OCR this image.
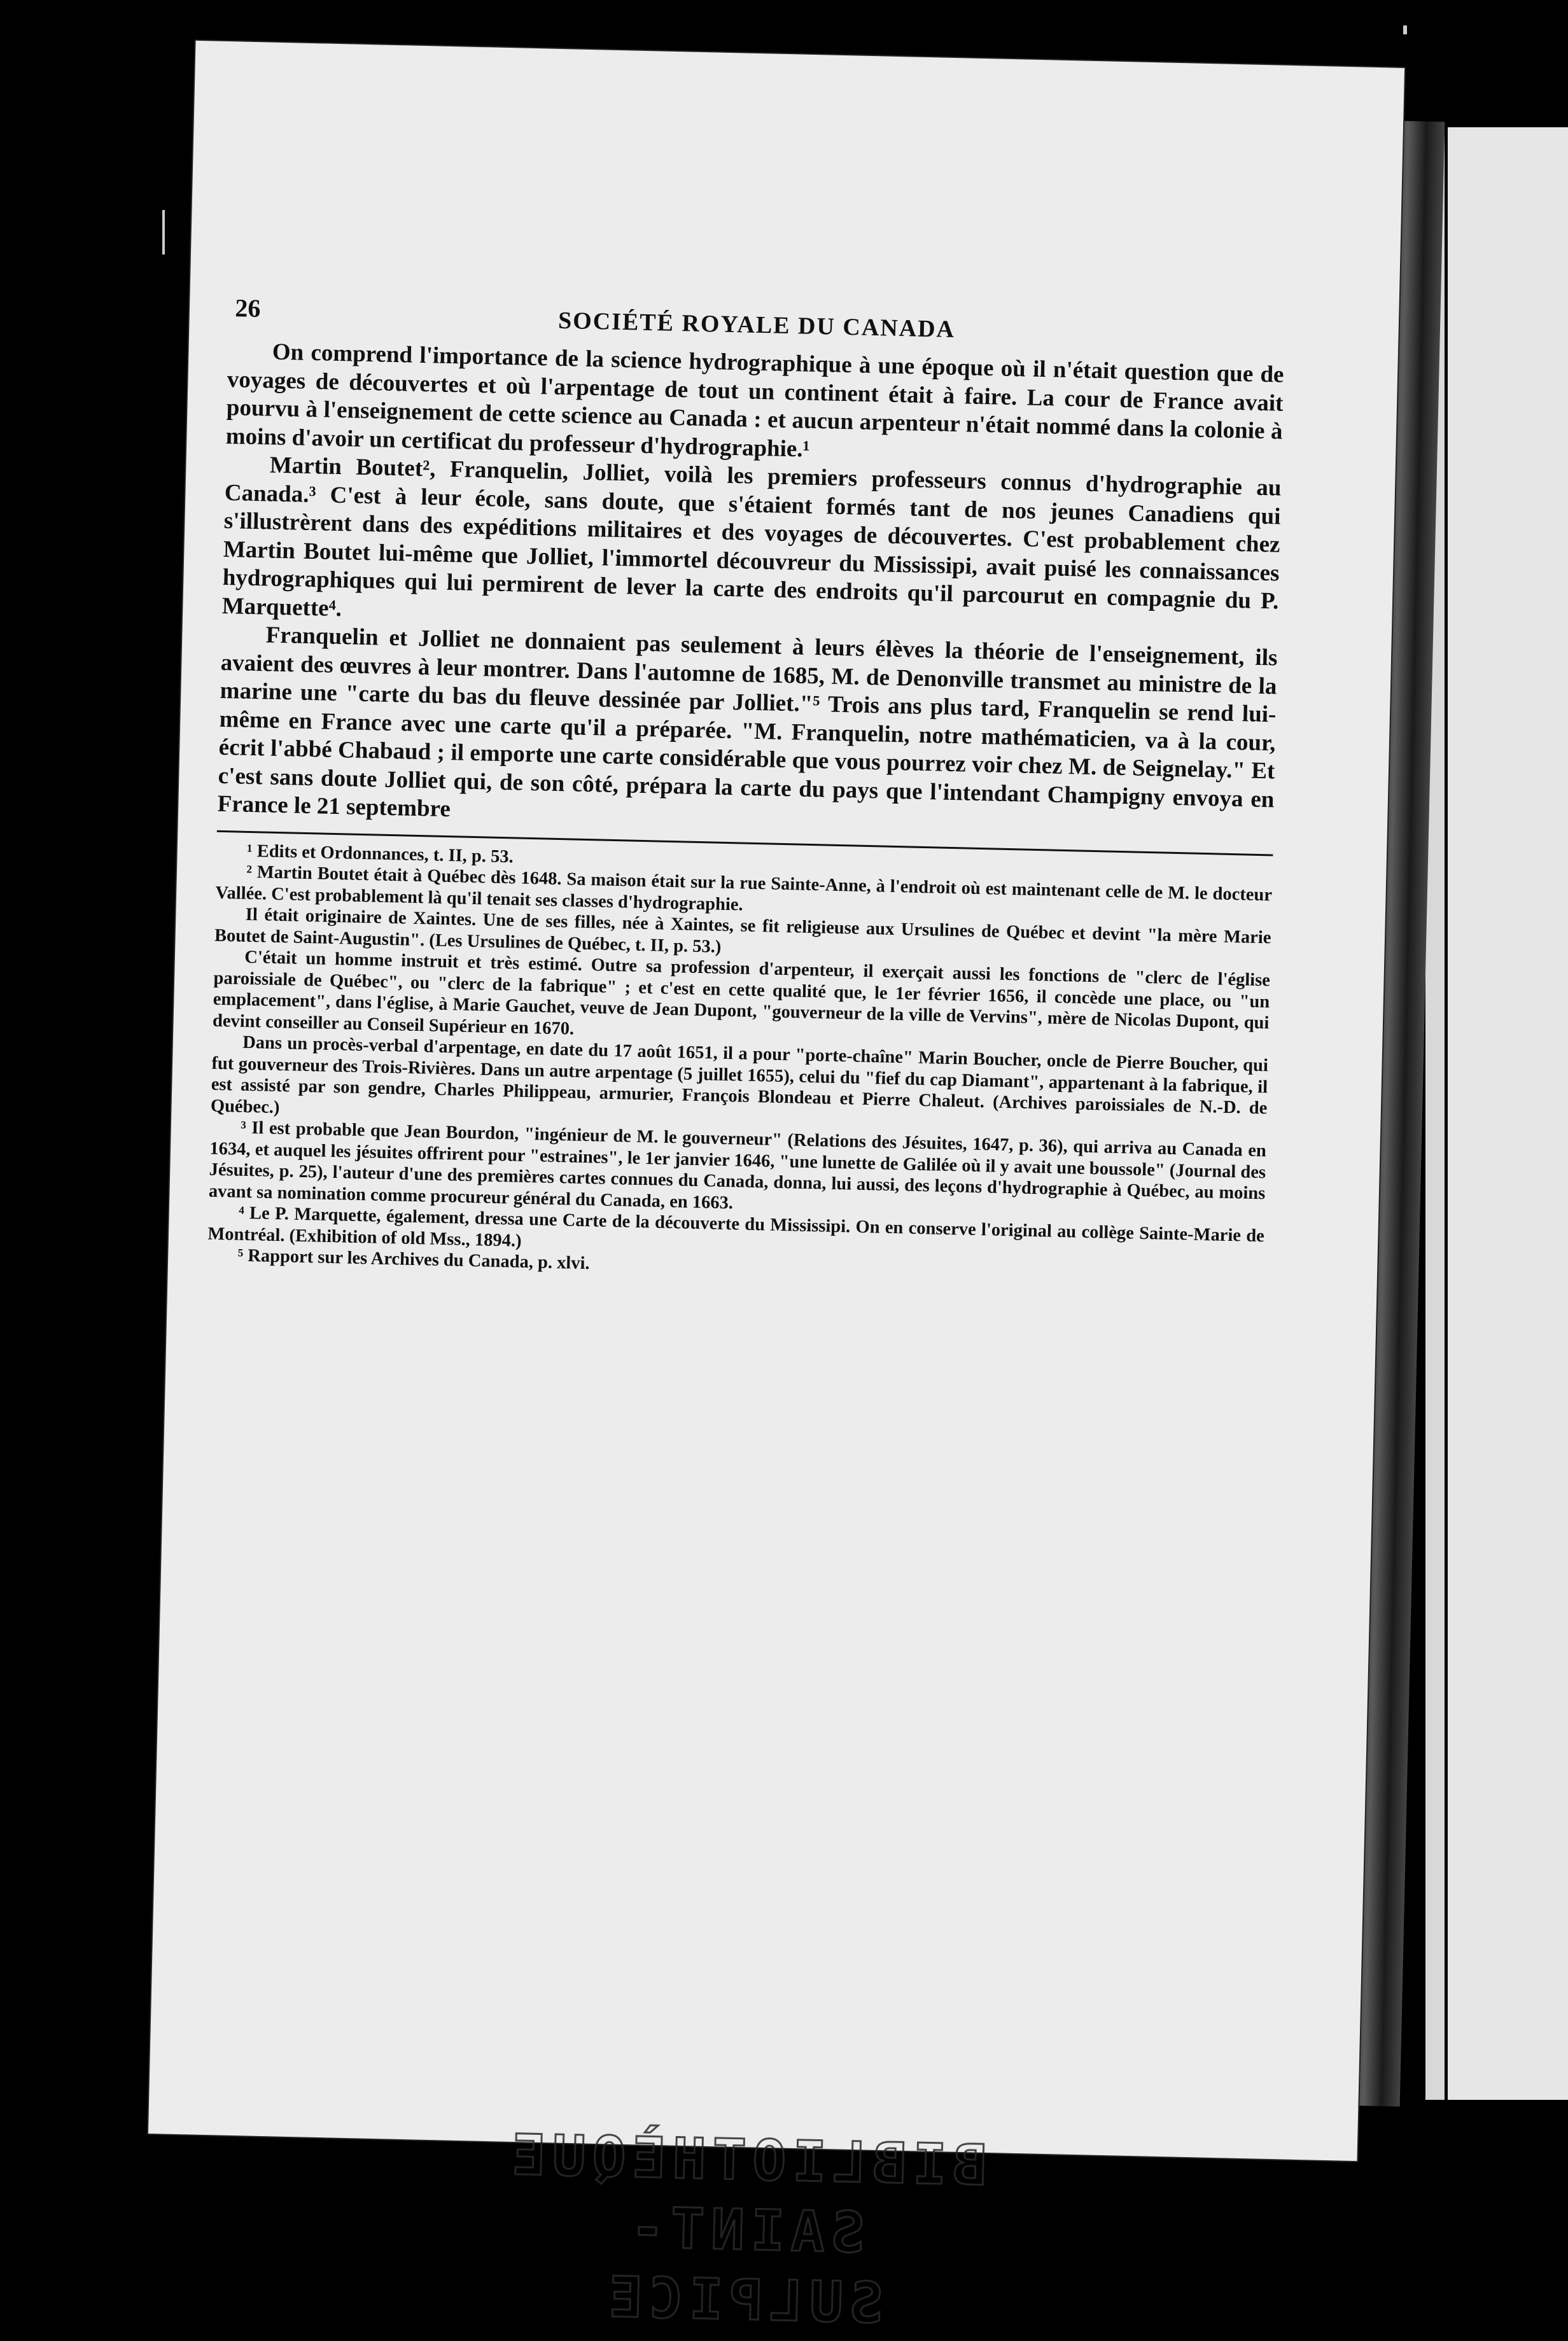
26	SOCIÉTÉ ROYALE DU CANADA

On comprend l'importance de la science hydrographique à une époque où il n'était question que de voyages de découvertes et où l'arpentage de tout un continent était à faire. La cour de France avait pourvu à l'enseignement de cette science au Canada : et aucun arpenteur n'était nommé dans la colonie à moins d'avoir un certificat du professeur d'hydrographie.¹

Martin Boutet², Franquelin, Jolliet, voilà les premiers professeurs connus d'hydrographie au Canada.³ C'est à leur école, sans doute, que s'étaient formés tant de nos jeunes Canadiens qui s'illustrèrent dans des expéditions militaires et des voyages de découvertes. C'est probablement chez Martin Boutet lui-même que Jolliet, l'immortel découvreur du Mississipi, avait puisé les connaissances hydrographiques qui lui permirent de lever la carte des endroits qu'il parcourut en compagnie du P. Marquette⁴.

Franquelin et Jolliet ne donnaient pas seulement à leurs élèves la théorie de l'enseignement, ils avaient des œuvres à leur montrer. Dans l'automne de 1685, M. de Denonville transmet au ministre de la marine une "carte du bas du fleuve dessinée par Jolliet."⁵ Trois ans plus tard, Franquelin se rend lui-même en France avec une carte qu'il a préparée. "M. Franquelin, notre mathématicien, va à la cour, écrit l'abbé Chabaud ; il emporte une carte considérable que vous pourrez voir chez M. de Seignelay." Et c'est sans doute Jolliet qui, de son côté, prépara la carte du pays que l'intendant Champigny envoya en France le 21 septembre

¹ Edits et Ordonnances, t. II, p. 53.

² Martin Boutet était à Québec dès 1648. Sa maison était sur la rue Sainte-Anne, à l'endroit où est maintenant celle de M. le docteur Vallée. C'est probablement là qu'il tenait ses classes d'hydrographie.

Il était originaire de Xaintes. Une de ses filles, née à Xaintes, se fit religieuse aux Ursulines de Québec et devint "la mère Marie Boutet de Saint-Augustin". (Les Ursulines de Québec, t. II, p. 53.)

C'était un homme instruit et très estimé. Outre sa profession d'arpenteur, il exerçait aussi les fonctions de "clerc de l'église paroissiale de Québec", ou "clerc de la fabrique" ; et c'est en cette qualité que, le 1er février 1656, il concède une place, ou "un emplacement", dans l'église, à Marie Gauchet, veuve de Jean Dupont, "gouverneur de la ville de Vervins", mère de Nicolas Dupont, qui devint conseiller au Conseil Supérieur en 1670.

Dans un procès-verbal d'arpentage, en date du 17 août 1651, il a pour "porte-chaîne" Marin Boucher, oncle de Pierre Boucher, qui fut gouverneur des Trois-Rivières. Dans un autre arpentage (5 juillet 1655), celui du "fief du cap Diamant", appartenant à la fabrique, il est assisté par son gendre, Charles Philippeau, armurier, François Blondeau et Pierre Chaleut. (Archives paroissiales de N.-D. de Québec.)

³ Il est probable que Jean Bourdon, "ingénieur de M. le gouverneur" (Relations des Jésuites, 1647, p. 36), qui arriva au Canada en 1634, et auquel les jésuites offrirent pour "estraines", le 1er janvier 1646, "une lunette de Galilée où il y avait une boussole" (Journal des Jésuites, p. 25), l'auteur d'une des premières cartes connues du Canada, donna, lui aussi, des leçons d'hydrographie à Québec, au moins avant sa nomination comme procureur général du Canada, en 1663.

⁴ Le P. Marquette, également, dressa une Carte de la découverte du Mississipi. On en conserve l'original au collège Sainte-Marie de Montréal. (Exhibition of old Mss., 1894.)

⁵ Rapport sur les Archives du Canada, p. xlvi.

BIBLIOTHÈQUE
SAINT-SULPICE
